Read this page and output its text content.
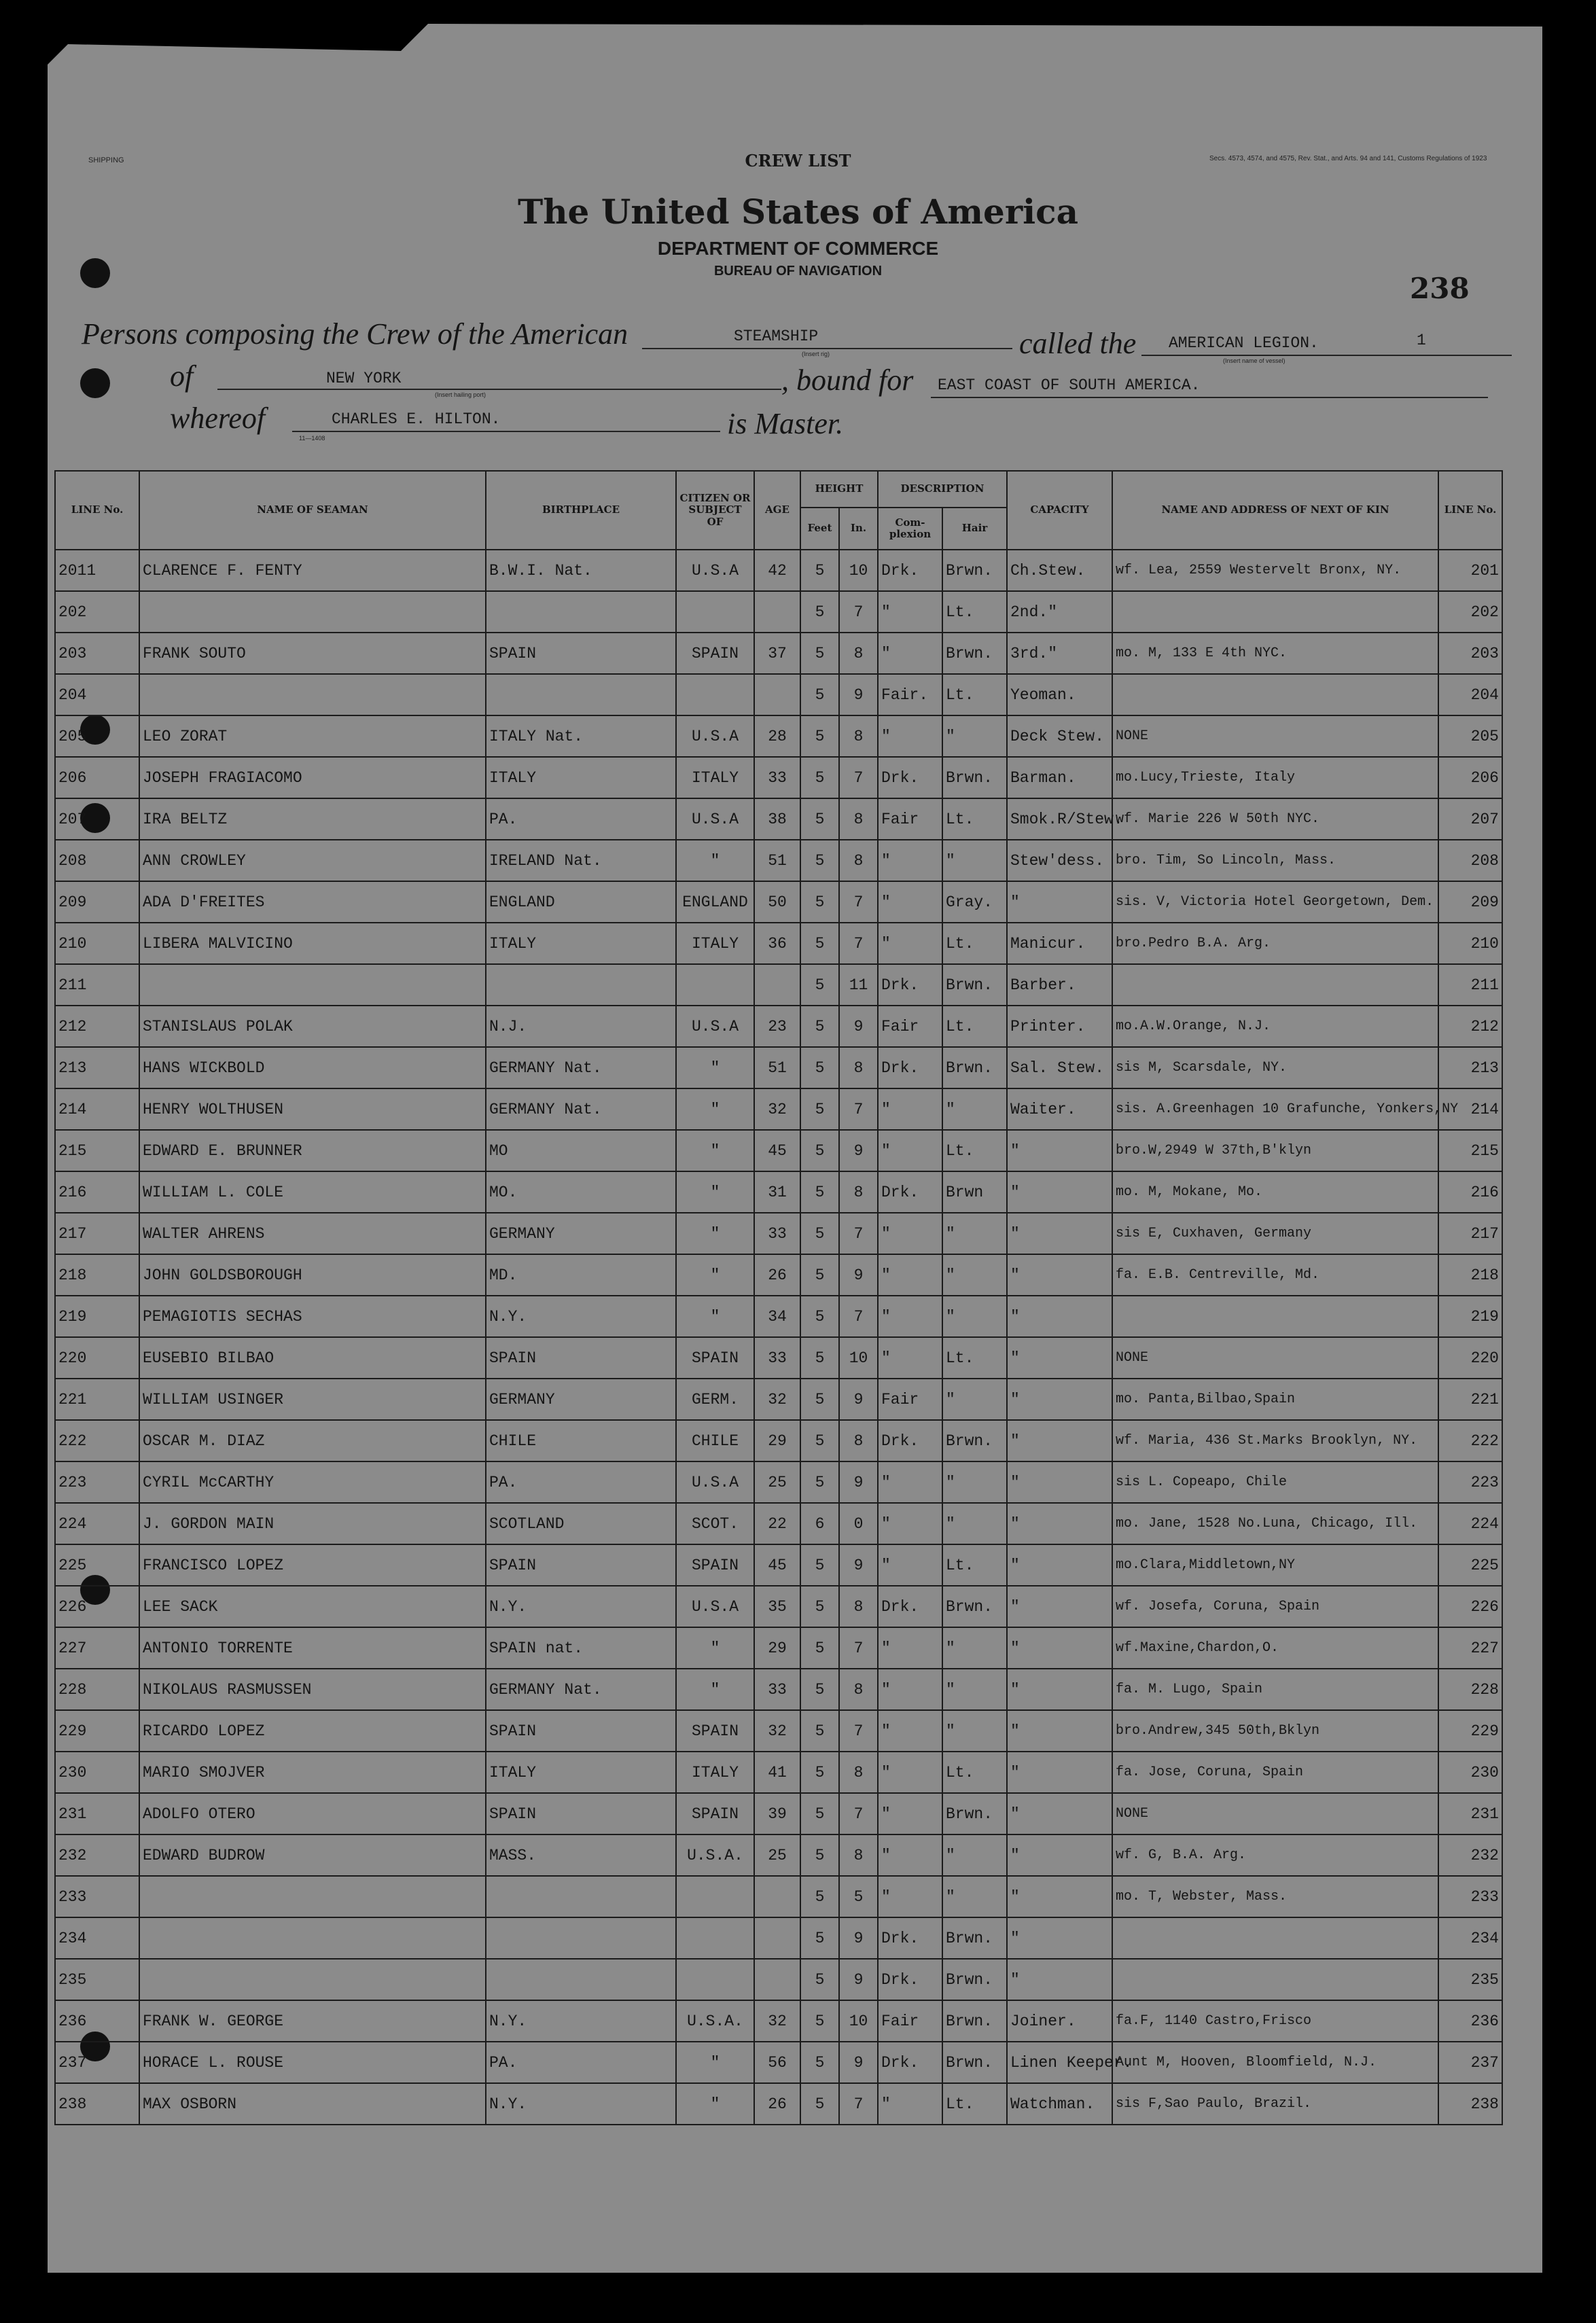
SHIPPING	Secs. 4573, 4574, and 4575, Rev. Stat., and Arts. 94 and 141, Customs Regulations of 1923
CREW LIST
The United States of America
DEPARTMENT OF COMMERCE
BUREAU OF NAVIGATION
238
Persons composing the Crew of the American	STEAMSHIP
(Insert rig)	called the AMERICAN LEGION.	1
(Insert name of vessel)
of	NEW YORK
(Insert hailing port)	, bound for EAST COAST OF SOUTH AMERICA.
whereof	CHARLES E. HILTON.
11—1408	is Master.
LINE No.	NAME OF SEAMAN	BIRTHPLACE	CITIZEN OR SUBJECT OF	AGE	HEIGHT		DESCRIPTION		CAPACITY	NAME AND ADDRESS OF NEXT OF KIN	LINE No.
					Feet	In.	Com-plexion	Hair			
2011	CLARENCE F. FENTY	B.W.I. Nat.	U.S.A	42	5	10	Drk.	Brwn.	Ch.Stew.	wf. Lea, 2559 Westervelt Bronx, NY.	201
202					5	7	"	Lt.	2nd."		202
203	FRANK SOUTO	SPAIN	SPAIN	37	5	8	"	Brwn.	3rd."	mo. M, 133 E 4th NYC.	203
204					5	9	Fair.	Lt.	Yeoman.		204
205	LEO ZORAT	ITALY Nat.	U.S.A	28	5	8	"	"	Deck Stew.	NONE	205
206	JOSEPH FRAGIACOMO	ITALY	ITALY	33	5	7	Drk.	Brwn.	Barman.	mo.Lucy,Trieste, Italy	206
207	IRA BELTZ	PA.	U.S.A	38	5	8	Fair	Lt.	Smok.R/Stew.	wf. Marie 226 W 50th NYC.	207
208	ANN CROWLEY	IRELAND Nat.	"	51	5	8	"	"	Stew'dess.	bro. Tim, So Lincoln, Mass.	208
209	ADA D'FREITES	ENGLAND	ENGLAND	50	5	7	"	Gray.	"	sis. V, Victoria Hotel Georgetown, Dem.	209
210	LIBERA MALVICINO	ITALY	ITALY	36	5	7	"	Lt.	Manicur.	bro.Pedro B.A. Arg.	210
211					5	11	Drk.	Brwn.	Barber.		211
212	STANISLAUS POLAK	N.J.	U.S.A	23	5	9	Fair	Lt.	Printer.	mo.A.W.Orange, N.J.	212
213	HANS WICKBOLD	GERMANY Nat.	"	51	5	8	Drk.	Brwn.	Sal. Stew.	sis M, Scarsdale, NY.	213
214	HENRY WOLTHUSEN	GERMANY Nat.	"	32	5	7	"	"	Waiter.	sis. A.Greenhagen 10 Grafunche, Yonkers,NY	214
215	EDWARD E. BRUNNER	MO	"	45	5	9	"	Lt.	"	bro.W,2949 W 37th,B'klyn	215
216	WILLIAM L. COLE	MO.	"	31	5	8	Drk.	Brwn	"	mo. M, Mokane, Mo.	216
217	WALTER AHRENS	GERMANY	"	33	5	7	"	"	"	sis E, Cuxhaven, Germany	217
218	JOHN GOLDSBOROUGH	MD.	"	26	5	9	"	"	"	fa. E.B. Centreville, Md.	218
219	PEMAGIOTIS SECHAS	N.Y.	"	34	5	7	"	"	"		219
220	EUSEBIO BILBAO	SPAIN	SPAIN	33	5	10	"	Lt.	"	NONE	220
221	WILLIAM USINGER	GERMANY	GERM.	32	5	9	Fair	"	"	mo. Panta,Bilbao,Spain	221
222	OSCAR M. DIAZ	CHILE	CHILE	29	5	8	Drk.	Brwn.	"	wf. Maria, 436 St.Marks Brooklyn, NY.	222
223	CYRIL McCARTHY	PA.	U.S.A	25	5	9	"	"	"	sis L. Copeapo, Chile	223
224	J. GORDON MAIN	SCOTLAND	SCOT.	22	6	0	"	"	"	mo. Jane, 1528 No.Luna, Chicago, Ill.	224
225	FRANCISCO LOPEZ	SPAIN	SPAIN	45	5	9	"	Lt.	"	mo.Clara,Middletown,NY	225
226	LEE SACK	N.Y.	U.S.A	35	5	8	Drk.	Brwn.	"	wf. Josefa, Coruna, Spain	226
227	ANTONIO TORRENTE	SPAIN nat.	"	29	5	7	"	"	"	wf.Maxine,Chardon,O.	227
228	NIKOLAUS RASMUSSEN	GERMANY Nat.	"	33	5	8	"	"	"	fa. M. Lugo, Spain	228
229	RICARDO LOPEZ	SPAIN	SPAIN	32	5	7	"	"	"	bro.Andrew,345 50th,Bklyn	229
230	MARIO SMOJVER	ITALY	ITALY	41	5	8	"	Lt.	"	fa. Jose, Coruna, Spain	230
231	ADOLFO OTERO	SPAIN	SPAIN	39	5	7	"	Brwn.	"	NONE	231
232	EDWARD BUDROW	MASS.	U.S.A.	25	5	8	"	"	"	wf. G, B.A. Arg.	232
233					5	5	"	"	"	mo. T, Webster, Mass.	233
234					5	9	Drk.	Brwn.	"		234
235					5	9	Drk.	Brwn.	"		235
236	FRANK W. GEORGE	N.Y.	U.S.A.	32	5	10	Fair	Brwn.	Joiner.	fa.F, 1140 Castro,Frisco	236
237	HORACE L. ROUSE	PA.	"	56	5	9	Drk.	Brwn.	Linen Keeper.	Aunt M, Hooven, Bloomfield, N.J.	237
238	MAX OSBORN	N.Y.	"	26	5	7	"	Lt.	Watchman.	sis F,Sao Paulo, Brazil.	238
